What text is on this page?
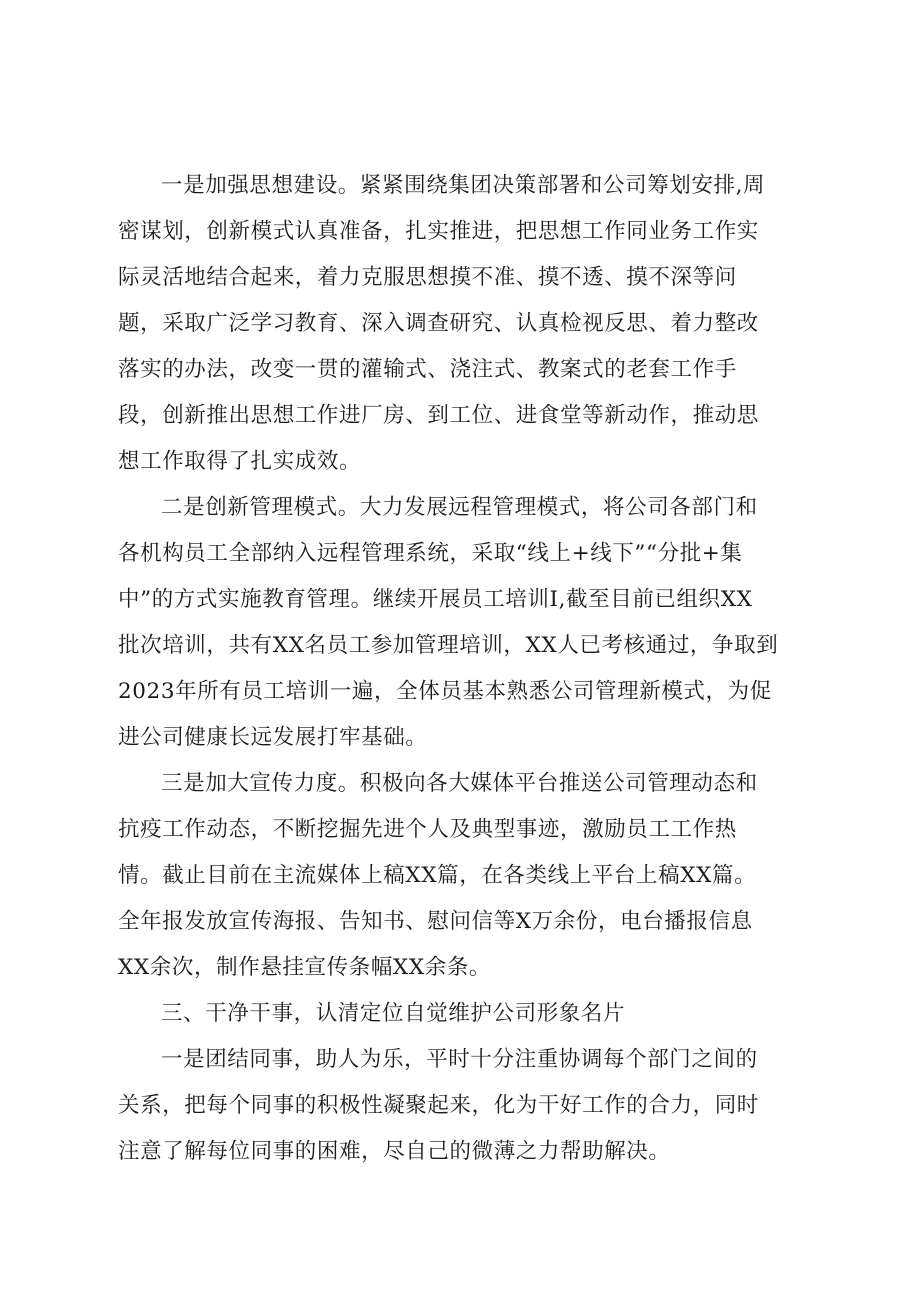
一是加强思想建设。紧紧围绕集团决策部署和公司筹划安排,周
密谋划，创新模式认真准备，扎实推进，把思想工作同业务工作实
际灵活地结合起来，着力克服思想摸不准、摸不透、摸不深等问
题，采取广泛学习教育、深入调查研究、认真检视反思、着力整改
落实的办法，改变一贯的灌输式、浇注式、教案式的老套工作手
段，创新推出思想工作进厂房、到工位、进食堂等新动作，推动思
想工作取得了扎实成效。

二是创新管理模式。大力发展远程管理模式，将公司各部门和
各机构员工全部纳入远程管理系统，采取“线上+线下”“分批+集
中”的方式实施教育管理。继续开展员工培训I,截至目前已组织XX
批次培训，共有XX名员工参加管理培训，XX人已考核通过，争取到
2023年所有员工培训一遍，全体员基本熟悉公司管理新模式，为促
进公司健康长远发展打牢基础。

三是加大宣传力度。积极向各大媒体平台推送公司管理动态和
抗疫工作动态，不断挖掘先进个人及典型事迹，激励员工工作热
情。截止目前在主流媒体上稿XX篇，在各类线上平台上稿XX篇。
全年报发放宣传海报、告知书、慰问信等X万余份，电台播报信息
XX余次，制作悬挂宣传条幅XX余条。

三、干净干事，认清定位自觉维护公司形象名片

一是团结同事，助人为乐，平时十分注重协调每个部门之间的
关系，把每个同事的积极性凝聚起来，化为干好工作的合力，同时
注意了解每位同事的困难，尽自己的微薄之力帮助解决。
